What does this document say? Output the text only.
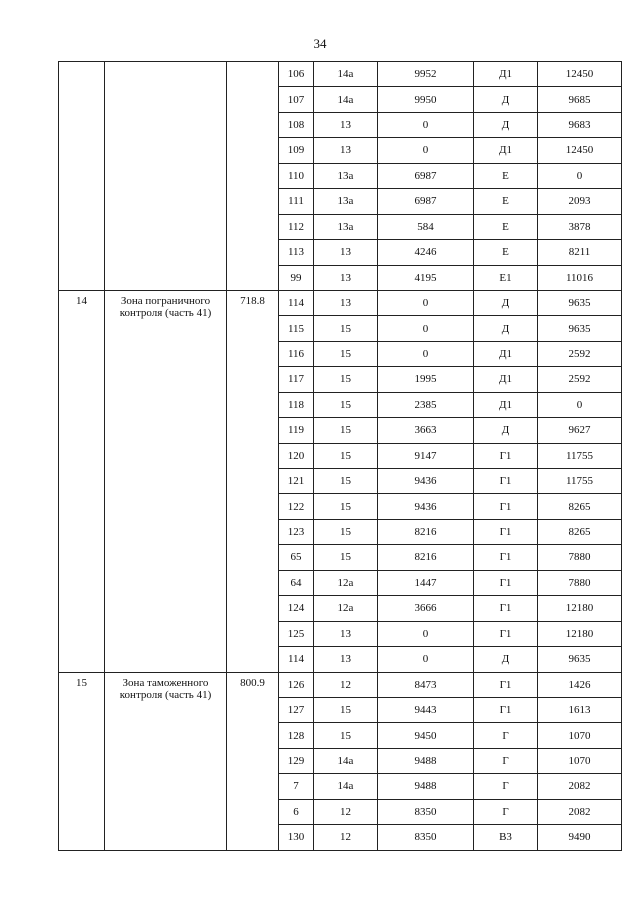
34
			106	14а	9952	Д1	12450
			107	14а	9950	Д	9685
			108	13	0	Д	9683
			109	13	0	Д1	12450
			110	13а	6987	Е	0
			111	13а	6987	Е	2093
			112	13а	584	Е	3878
			113	13	4246	Е	8211
			99	13	4195	Е1	11016
14	Зона пограничного контроля (часть 41)	718.8	114	13	0	Д	9635
			115	15	0	Д	9635
			116	15	0	Д1	2592
			117	15	1995	Д1	2592
			118	15	2385	Д1	0
			119	15	3663	Д	9627
			120	15	9147	Г1	11755
			121	15	9436	Г1	11755
			122	15	9436	Г1	8265
			123	15	8216	Г1	8265
			65	15	8216	Г1	7880
			64	12а	1447	Г1	7880
			124	12а	3666	Г1	12180
			125	13	0	Г1	12180
			114	13	0	Д	9635
15	Зона таможенного контроля (часть 41)	800.9	126	12	8473	Г1	1426
			127	15	9443	Г1	1613
			128	15	9450	Г	1070
			129	14а	9488	Г	1070
			7	14а	9488	Г	2082
			6	12	8350	Г	2082
			130	12	8350	В3	9490
